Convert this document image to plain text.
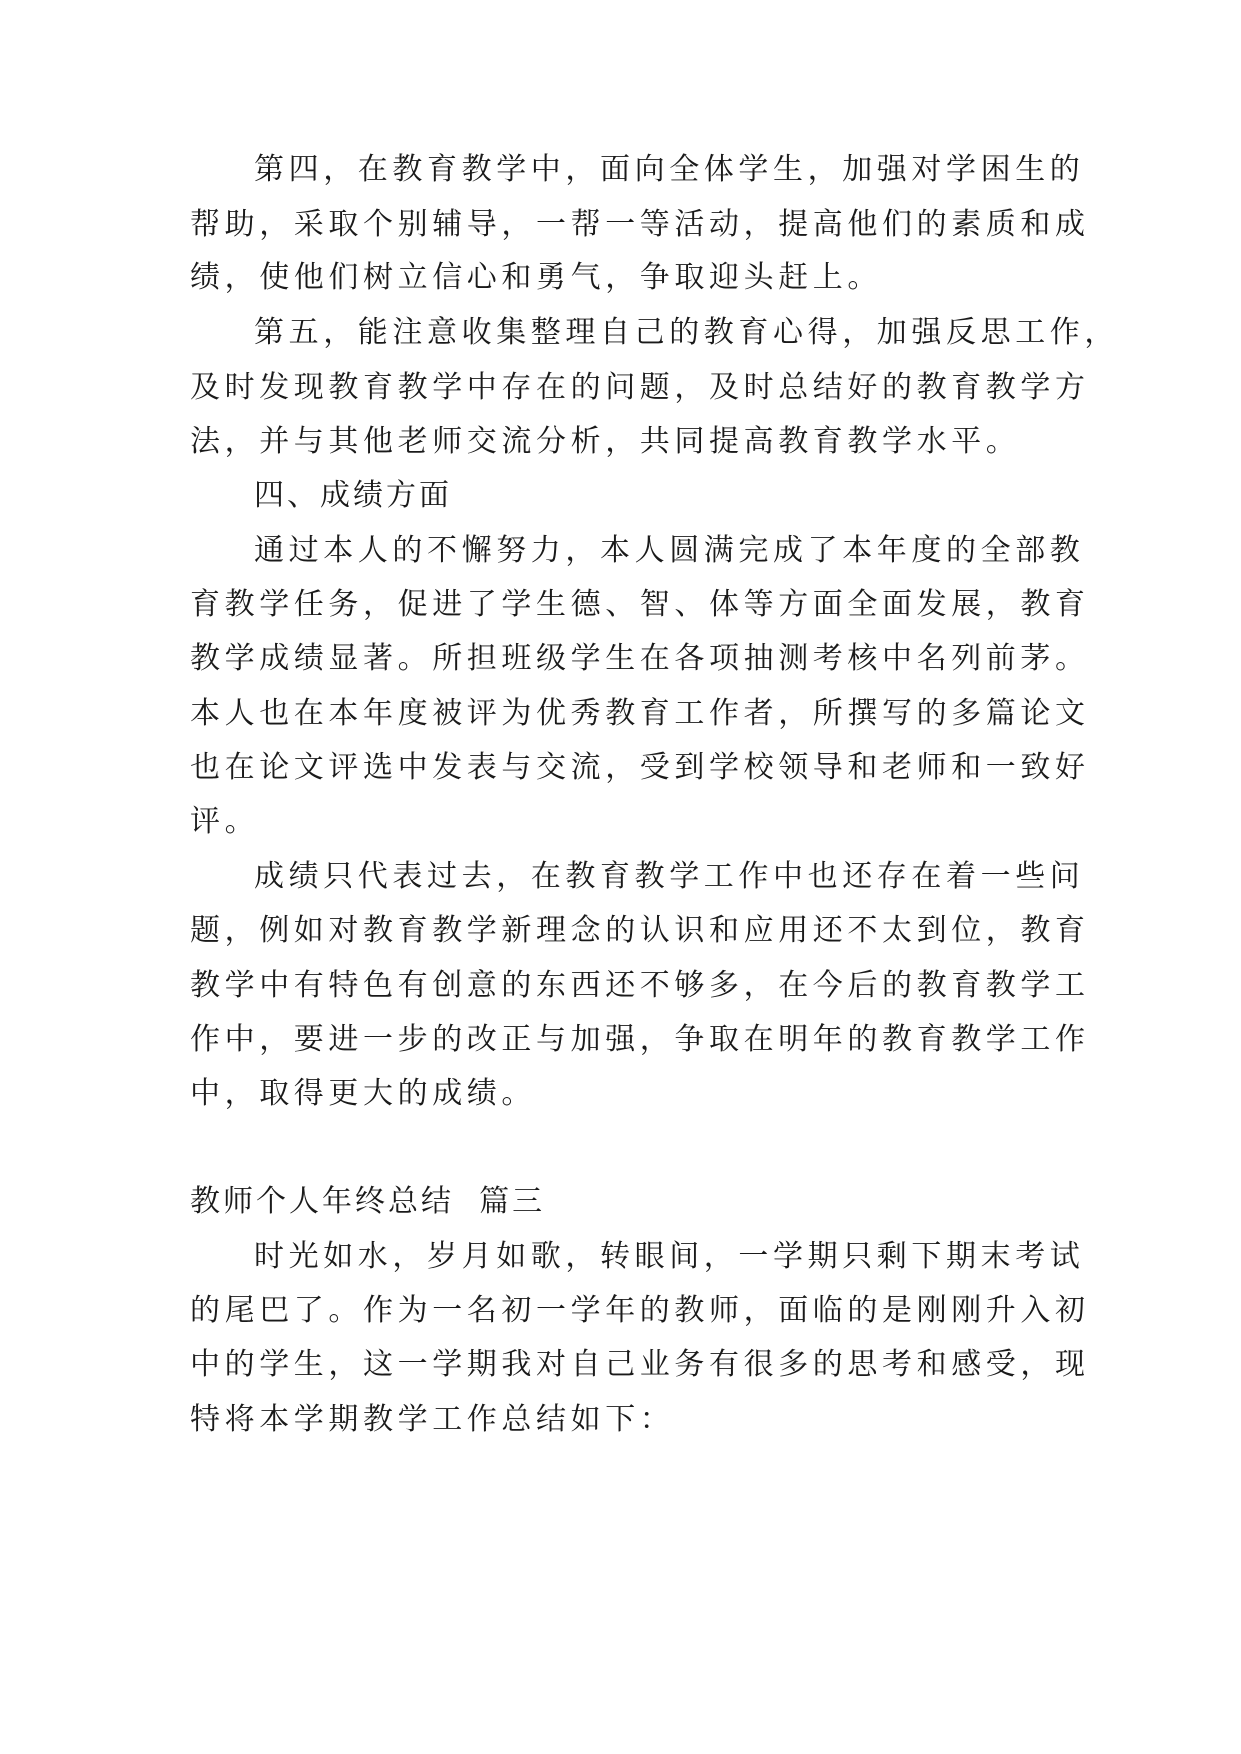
第四，在教育教学中，面向全体学生，加强对学困生的
帮助，采取个别辅导，一帮一等活动，提高他们的素质和成
绩，使他们树立信心和勇气，争取迎头赶上。
第五，能注意收集整理自己的教育心得，加强反思工作，
及时发现教育教学中存在的问题，及时总结好的教育教学方
法，并与其他老师交流分析，共同提高教育教学水平。
四、成绩方面
通过本人的不懈努力，本人圆满完成了本年度的全部教
育教学任务，促进了学生德、智、体等方面全面发展，教育
教学成绩显著。所担班级学生在各项抽测考核中名列前茅。
本人也在本年度被评为优秀教育工作者，所撰写的多篇论文
也在论文评选中发表与交流，受到学校领导和老师和一致好
评。
成绩只代表过去，在教育教学工作中也还存在着一些问
题，例如对教育教学新理念的认识和应用还不太到位，教育
教学中有特色有创意的东西还不够多，在今后的教育教学工
作中，要进一步的改正与加强，争取在明年的教育教学工作
中，取得更大的成绩。
教师个人年终总结  篇三
时光如水，岁月如歌，转眼间，一学期只剩下期末考试
的尾巴了。作为一名初一学年的教师，面临的是刚刚升入初
中的学生，这一学期我对自己业务有很多的思考和感受，现
特将本学期教学工作总结如下：
